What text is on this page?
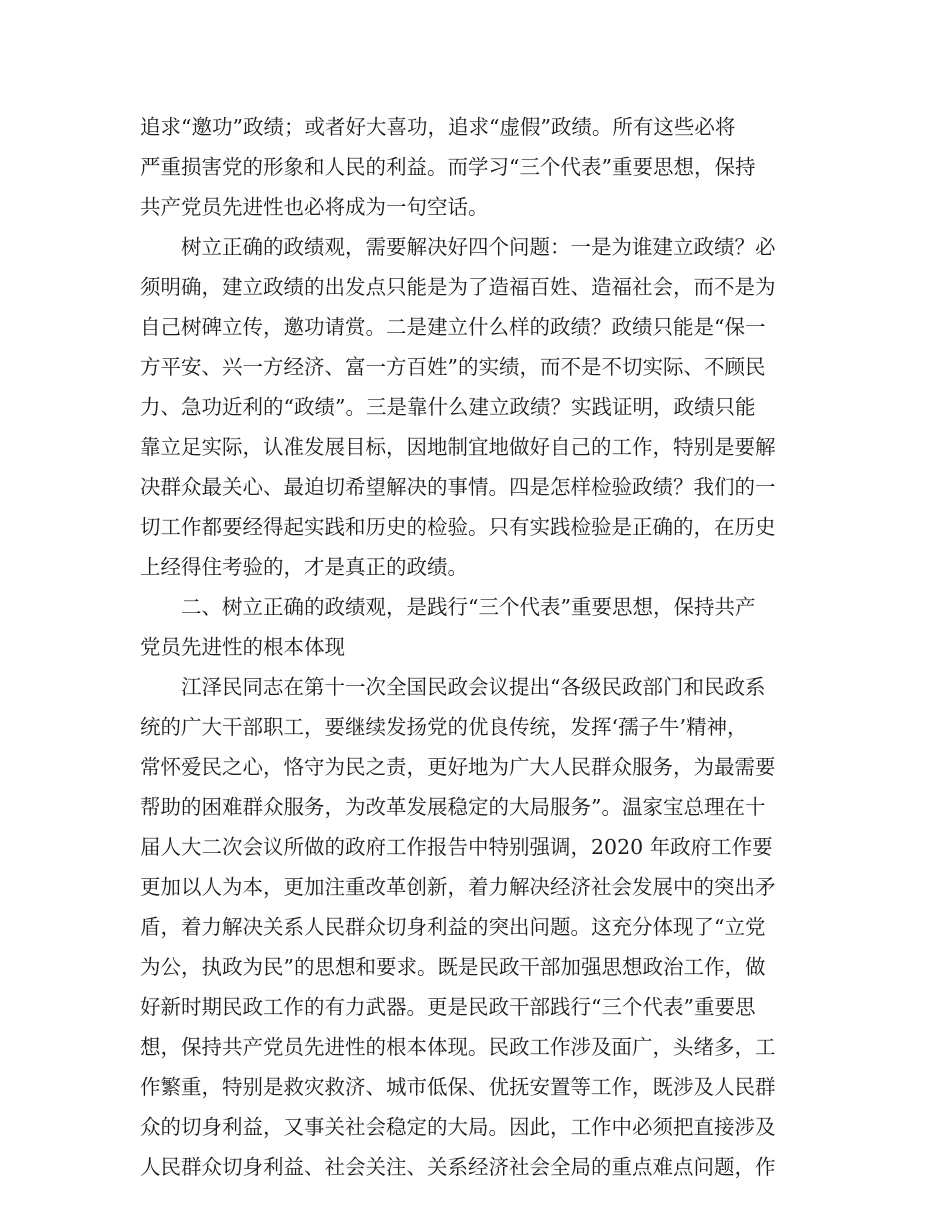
追求“邀功”政绩；或者好大喜功，追求“虚假”政绩。所有这些必将
严重损害党的形象和人民的利益。而学习“三个代表”重要思想，保持
共产党员先进性也必将成为一句空话。
树立正确的政绩观，需要解决好四个问题：一是为谁建立政绩？必
须明确，建立政绩的出发点只能是为了造福百姓、造福社会，而不是为
自己树碑立传，邀功请赏。二是建立什么样的政绩？政绩只能是“保一
方平安、兴一方经济、富一方百姓”的实绩，而不是不切实际、不顾民
力、急功近利的“政绩”。三是靠什么建立政绩？实践证明，政绩只能
靠立足实际，认准发展目标，因地制宜地做好自己的工作，特别是要解
决群众最关心、最迫切希望解决的事情。四是怎样检验政绩？我们的一
切工作都要经得起实践和历史的检验。只有实践检验是正确的，在历史
上经得住考验的，才是真正的政绩。
二、树立正确的政绩观，是践行“三个代表”重要思想，保持共产
党员先进性的根本体现
江泽民同志在第十一次全国民政会议提出“各级民政部门和民政系
统的广大干部职工，要继续发扬党的优良传统，发挥‘孺子牛’精神，
常怀爱民之心，恪守为民之责，更好地为广大人民群众服务，为最需要
帮助的困难群众服务，为改革发展稳定的大局服务”。温家宝总理在十
届人大二次会议所做的政府工作报告中特别强调，2020 年政府工作要
更加以人为本，更加注重改革创新，着力解决经济社会发展中的突出矛
盾，着力解决关系人民群众切身利益的突出问题。这充分体现了“立党
为公，执政为民”的思想和要求。既是民政干部加强思想政治工作，做
好新时期民政工作的有力武器。更是民政干部践行“三个代表”重要思
想，保持共产党员先进性的根本体现。民政工作涉及面广，头绪多，工
作繁重，特别是救灾救济、城市低保、优抚安置等工作，既涉及人民群
众的切身利益，又事关社会稳定的大局。因此，工作中必须把直接涉及
人民群众切身利益、社会关注、关系经济社会全局的重点难点问题，作
